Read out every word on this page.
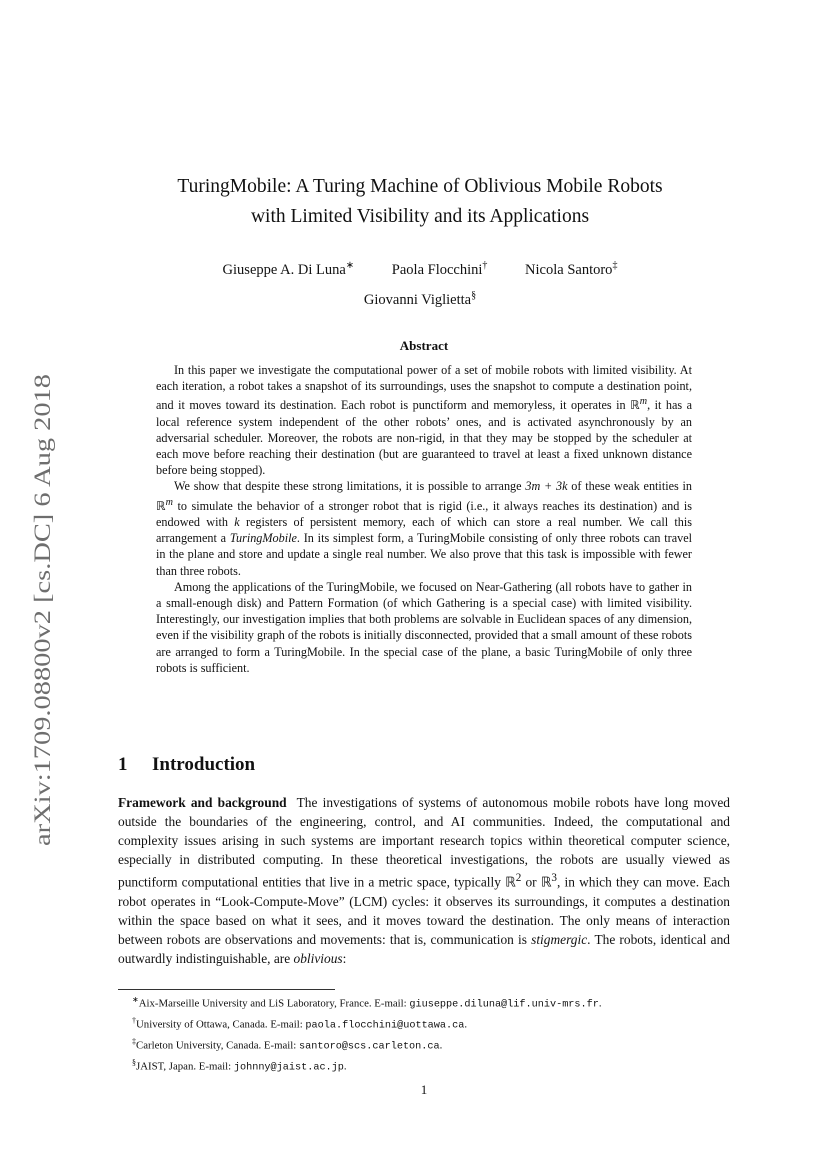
arXiv:1709.08800v2 [cs.DC] 6 Aug 2018
TuringMobile: A Turing Machine of Oblivious Mobile Robots
with Limited Visibility and its Applications
Giuseppe A. Di Luna∗	Paola Flocchini†	Nicola Santoro‡
Giovanni Viglietta§
Abstract

In this paper we investigate the computational power of a set of mobile robots with limited visibility. At each iteration, a robot takes a snapshot of its surroundings, uses the snapshot to compute a destination point, and it moves toward its destination. Each robot is punctiform and memoryless, it operates in ℝ$^m$, it has a local reference system independent of the other robots’ ones, and is activated asynchronously by an adversarial scheduler. Moreover, the robots are non-rigid, in that they may be stopped by the scheduler at each move before reaching their destination (but are guaranteed to travel at least a fixed unknown distance before being stopped).

We show that despite these strong limitations, it is possible to arrange 3m + 3k of these weak entities in ℝ$^m$ to simulate the behavior of a stronger robot that is rigid (i.e., it always reaches its destination) and is endowed with k registers of persistent memory, each of which can store a real number. We call this arrangement a TuringMobile. In its simplest form, a TuringMobile consisting of only three robots can travel in the plane and store and update a single real number. We also prove that this task is impossible with fewer than three robots.

Among the applications of the TuringMobile, we focused on Near-Gathering (all robots have to gather in a small-enough disk) and Pattern Formation (of which Gathering is a special case) with limited visibility. Interestingly, our investigation implies that both problems are solvable in Euclidean spaces of any dimension, even if the visibility graph of the robots is initially disconnected, provided that a small amount of these robots are arranged to form a TuringMobile. In the special case of the plane, a basic TuringMobile of only three robots is sufficient.

1 Introduction

Framework and background The investigations of systems of autonomous mobile robots have long moved outside the boundaries of the engineering, control, and AI communities. Indeed, the computational and complexity issues arising in such systems are important research topics within theoretical computer science, especially in distributed computing. In these theoretical investigations, the robots are usually viewed as punctiform computational entities that live in a metric space, typically ℝ$^2$ or ℝ$^3$, in which they can move. Each robot operates in “Look-Compute-Move” (LCM) cycles: it observes its surroundings, it computes a destination within the space based on what it sees, and it moves toward the destination. The only means of interaction between robots are observations and movements: that is, communication is stigmergic. The robots, identical and outwardly indistinguishable, are oblivious:

∗Aix-Marseille University and LiS Laboratory, France. E-mail: giuseppe.diluna@lif.univ-mrs.fr.
†University of Ottawa, Canada. E-mail: paola.flocchini@uottawa.ca.
‡Carleton University, Canada. E-mail: santoro@scs.carleton.ca.
§JAIST, Japan. E-mail: johnny@jaist.ac.jp.
1
